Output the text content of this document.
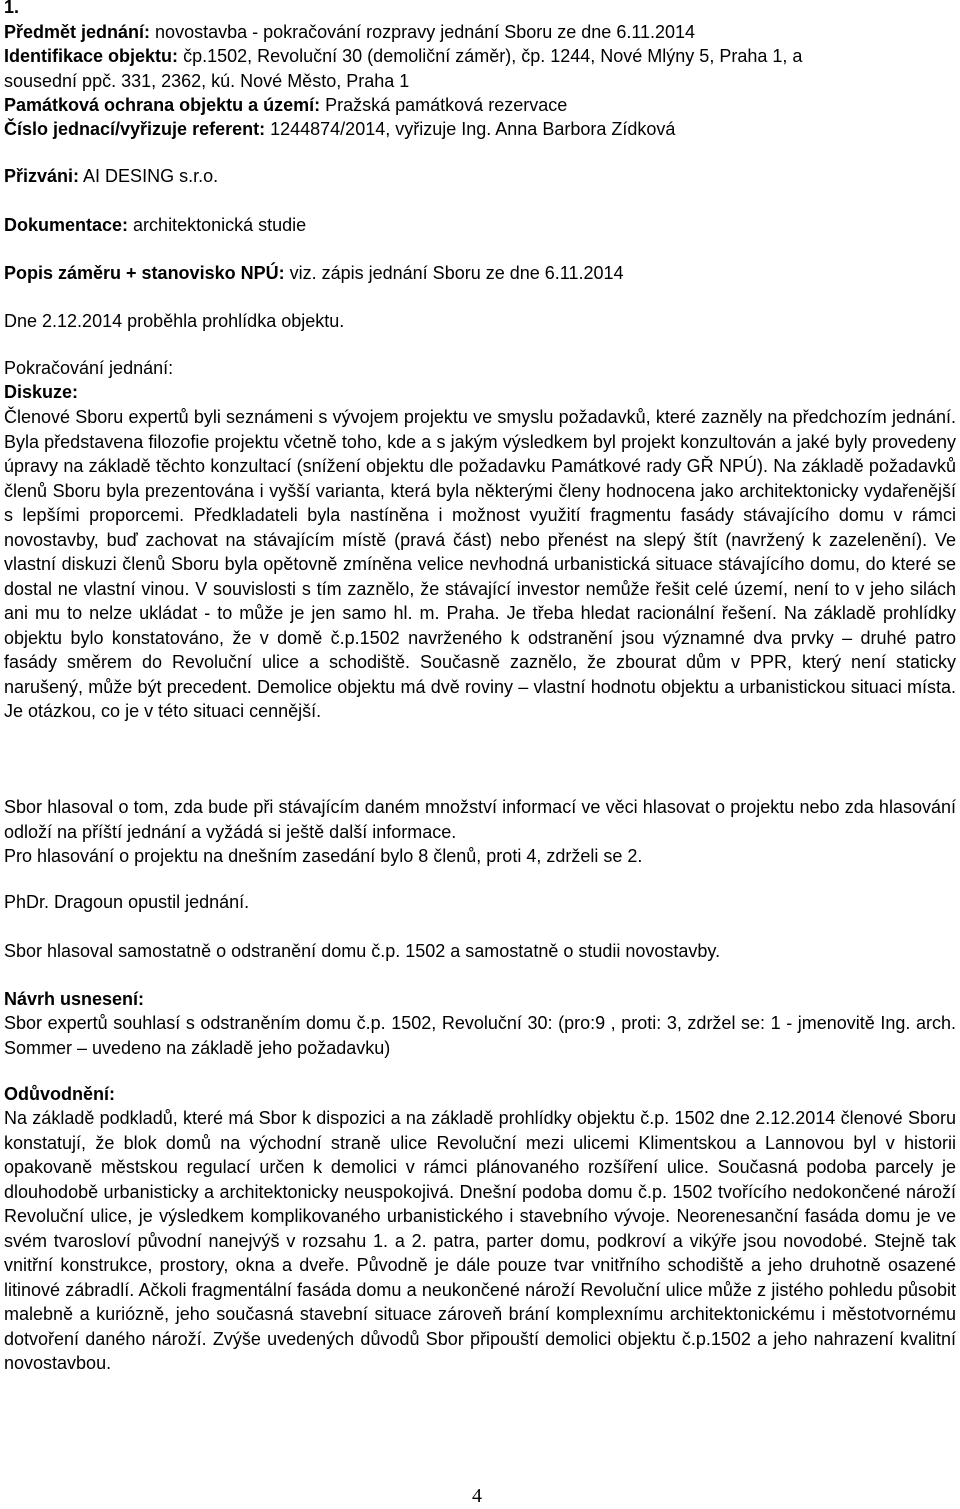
1.
Předmět jednání: novostavba - pokračování rozpravy jednání Sboru ze dne 6.11.2014
Identifikace objektu: čp.1502, Revoluční 30 (demoliční záměr), čp. 1244, Nové Mlýny 5, Praha 1, a
sousední ppč. 331, 2362, kú. Nové Město, Praha 1
Památková ochrana objektu a území: Pražská památková rezervace
Číslo jednací/vyřizuje referent: 1244874/2014, vyřizuje Ing. Anna Barbora Zídková
Přizváni: AI DESING s.r.o.
Dokumentace: architektonická studie
Popis záměru + stanovisko NPÚ: viz. zápis jednání Sboru ze dne 6.11.2014
Dne 2.12.2014 proběhla prohlídka objektu.
Pokračování jednání:
Diskuze:

Členové Sboru expertů byli seznámeni s vývojem projektu ve smyslu požadavků, které zazněly na předchozím jednání. Byla představena filozofie projektu včetně toho, kde a s jakým výsledkem byl projekt konzultován a jaké byly provedeny úpravy na základě těchto konzultací (snížení objektu dle požadavku Památkové rady GŘ NPÚ). Na základě požadavků členů Sboru byla prezentována i vyšší varianta, která byla některými členy hodnocena jako architektonicky vydařenější s lepšími proporcemi. Předkladateli byla nastíněna i možnost využití fragmentu fasády stávajícího domu v rámci novostavby, buď zachovat na stávajícím místě (pravá část) nebo přenést na slepý štít (navržený k zazelenění). Ve vlastní diskuzi členů Sboru byla opětovně zmíněna velice nevhodná urbanistická situace stávajícího domu, do které se dostal ne vlastní vinou. V souvislosti s tím zaznělo, že stávající investor nemůže řešit celé území, není to v jeho silách ani mu to nelze ukládat - to může je jen samo hl. m. Praha. Je třeba hledat racionální řešení. Na základě prohlídky objektu bylo konstatováno, že v domě č.p.1502 navrženého k odstranění jsou významné dva prvky – druhé patro fasády směrem do Revoluční ulice a schodiště. Současně zaznělo, že zbourat dům v PPR, který není staticky narušený, může být precedent. Demolice objektu má dvě roviny – vlastní hodnotu objektu a urbanistickou situaci místa. Je otázkou, co je v této situaci cennější.

Sbor hlasoval o tom, zda bude při stávajícím daném množství informací ve věci hlasovat o projektu nebo zda hlasování odloží na příští jednání a vyžádá si ještě další informace.

Pro hlasování o projektu na dnešním zasedání bylo 8 členů, proti 4, zdrželi se 2.

PhDr. Dragoun opustil jednání.
Sbor hlasoval samostatně o odstranění domu č.p. 1502 a samostatně o studii novostavby.
Návrh usnesení:

Sbor expertů souhlasí s odstraněním domu č.p. 1502, Revoluční 30: (pro:9 , proti: 3, zdržel se: 1 - jmenovitě Ing. arch. Sommer – uvedeno na základě jeho požadavku)

Odůvodnění:

Na základě podkladů, které má Sbor k dispozici a na základě prohlídky objektu č.p. 1502 dne 2.12.2014 členové Sboru konstatují, že blok domů na východní straně ulice Revoluční mezi ulicemi Klimentskou a Lannovou byl v historii opakovaně městskou regulací určen k demolici v rámci plánovaného rozšíření ulice. Současná podoba parcely je dlouhodobě urbanisticky a architektonicky neuspokojivá. Dnešní podoba domu č.p. 1502 tvořícího nedokončené nároží Revoluční ulice, je výsledkem komplikovaného urbanistického i stavebního vývoje. Neorenesanční fasáda domu je ve svém tvarosloví původní nanejvýš v rozsahu 1. a 2. patra, parter domu, podkroví a vikýře jsou novodobé. Stejně tak vnitřní konstrukce, prostory, okna a dveře. Původně je dále pouze tvar vnitřního schodiště a jeho druhotně osazené litinové zábradlí. Ačkoli fragmentální fasáda domu a neukončené nároží Revoluční ulice může z jistého pohledu působit malebně a kuriózně, jeho současná stavební situace zároveň brání komplexnímu architektonickému i městotvornému dotvoření daného nároží. Zvýše uvedených důvodů Sbor připouští demolici objektu č.p.1502 a jeho nahrazení kvalitní novostavbou.

4
